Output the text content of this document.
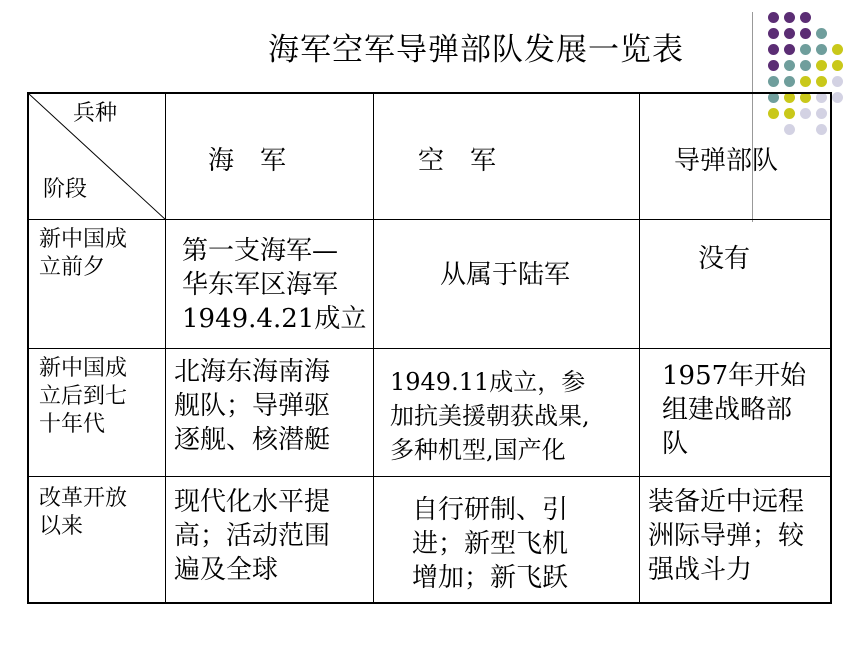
海军空军导弹部队发展一览表
兵种
阶段
海　军	空　军	导弹部队
新中国成
立前夕
第一支海军—
华东军区海军
1949.4.21成立
从属于陆军
没有
新中国成
立后到七
十年代
北海东海南海
舰队；导弹驱
逐舰、核潜艇
1949.11成立，参
加抗美援朝获战果,
多种机型,国产化
1957年开始
组建战略部
队
改革开放
以来
现代化水平提
高；活动范围
遍及全球
自行研制、引
进；新型飞机
增加；新飞跃
装备近中远程
洲际导弹；较
强战斗力
